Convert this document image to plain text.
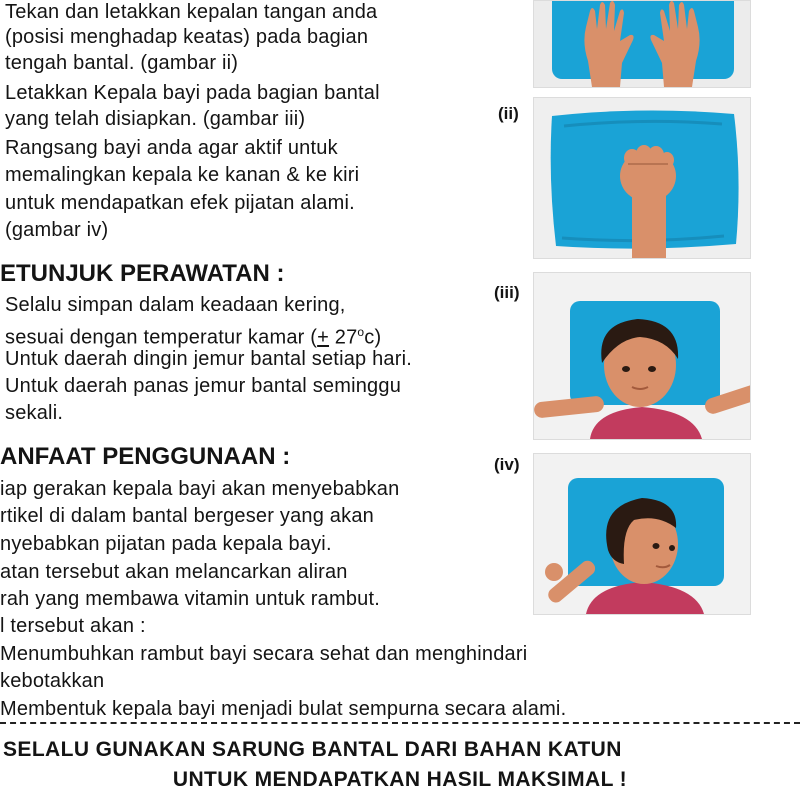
Tekan dan letakkan kepalan tangan anda
(posisi menghadap keatas) pada bagian
tengah bantal. (gambar ii)
Letakkan Kepala bayi pada bagian bantal
yang telah disiapkan. (gambar iii)
Rangsang bayi anda agar aktif untuk
memalingkan kepala ke kanan & ke kiri
untuk mendapatkan efek pijatan alami.
(gambar iv)
ETUNJUK PERAWATAN :
Selalu simpan dalam keadaan kering,
sesuai dengan temperatur kamar (+ $27^oc$)
Untuk daerah dingin jemur bantal setiap hari.
Untuk daerah panas jemur bantal seminggu
sekali.
ANFAAT PENGGUNAAN :
iap gerakan kepala bayi akan menyebabkan
rtikel di dalam bantal bergeser yang akan
nyebabkan pijatan pada kepala bayi.
atan tersebut akan melancarkan aliran
rah yang membawa vitamin untuk rambut.
l tersebut akan :
Menumbuhkan rambut bayi secara sehat dan menghindari
kebotakkan
Membentuk kepala bayi menjadi bulat sempurna secara alami.
(ii)
(iii)
(iv)
SELALU GUNAKAN SARUNG BANTAL DARI BAHAN KATUN
UNTUK MENDAPATKAN HASIL MAKSIMAL !
